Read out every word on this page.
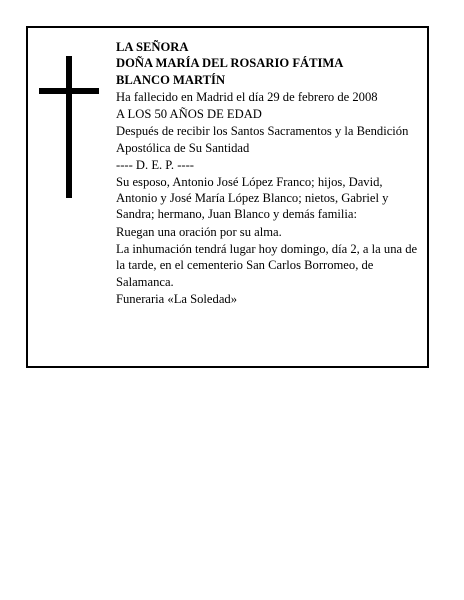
LA SEÑORA

DOÑA MARÍA DEL ROSARIO FÁTIMA

BLANCO MARTÍN

Ha fallecido en Madrid el día 29 de febrero de 2008

A LOS 50 AÑOS DE EDAD

Después de recibir los Santos Sacramentos y la Bendición Apostólica de Su Santidad

---- D. E. P. ----

Su esposo, Antonio José López Franco; hijos, David, Antonio y José María López Blanco; nietos, Gabriel y Sandra; hermano, Juan Blanco y demás familia:

Ruegan una oración por su alma.

La inhumación tendrá lugar hoy domingo, día 2, a la una de la tarde, en el cementerio San Carlos Borromeo, de Salamanca.

Funeraria «La Soledad»
